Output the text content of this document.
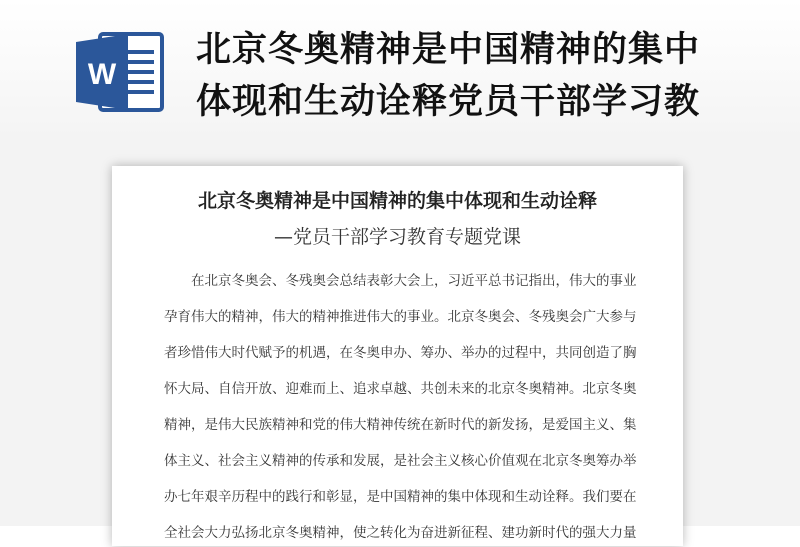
W
北京冬奥精神是中国精神的集中
体现和生动诠释党员干部学习教
北京冬奥精神是中国精神的集中体现和生动诠释
—党员干部学习教育专题党课
　　在北京冬奥会、冬残奥会总结表彰大会上，习近平总书记指出，伟大的事业
孕育伟大的精神，伟大的精神推进伟大的事业。北京冬奥会、冬残奥会广大参与
者珍惜伟大时代赋予的机遇，在冬奥申办、筹办、举办的过程中，共同创造了胸
怀大局、自信开放、迎难而上、追求卓越、共创未来的北京冬奥精神。北京冬奥
精神，是伟大民族精神和党的伟大精神传统在新时代的新发扬，是爱国主义、集
体主义、社会主义精神的传承和发展，是社会主义核心价值观在北京冬奥筹办举
办七年艰辛历程中的践行和彰显，是中国精神的集中体现和生动诠释。我们要在
全社会大力弘扬北京冬奥精神，使之转化为奋进新征程、建功新时代的强大力量
